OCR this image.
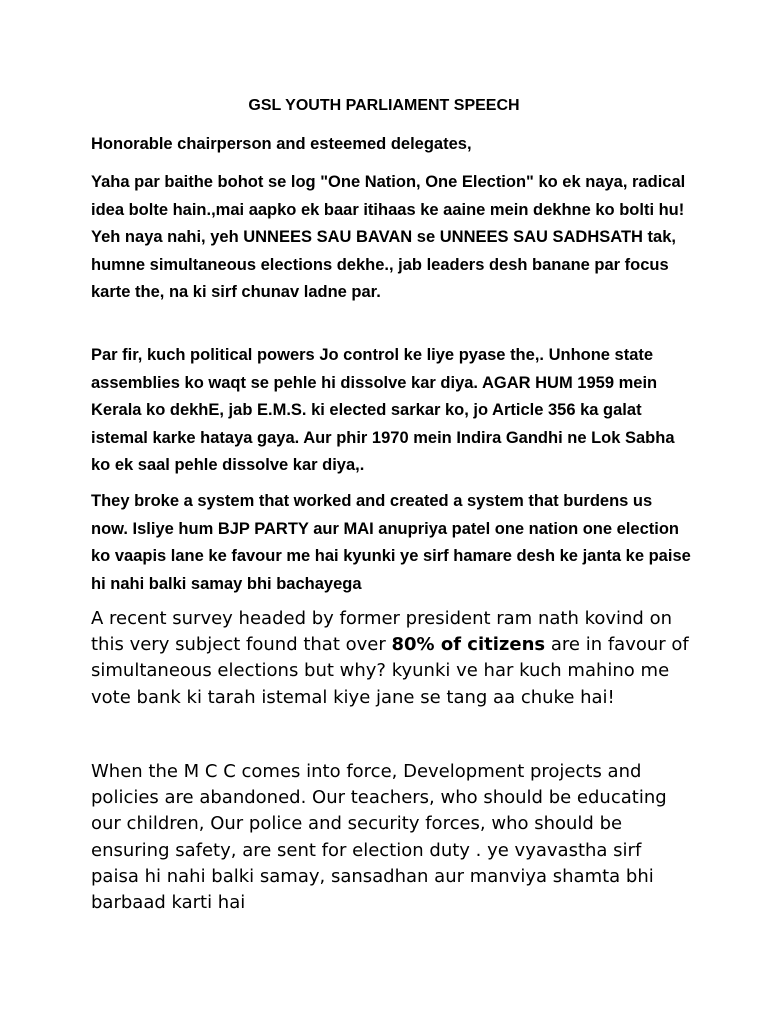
GSL YOUTH PARLIAMENT SPEECH

Honorable chairperson and esteemed delegates,

Yaha par baithe bohot se log "One Nation, One Election" ko ek naya, radical idea bolte hain.,mai aapko ek baar itihaas ke aaine mein dekhne ko bolti hu! Yeh naya nahi, yeh UNNEES SAU BAVAN se UNNEES SAU SADHSATH tak, humne simultaneous elections dekhe., jab leaders desh banane par focus karte the, na ki sirf chunav ladne par.

Par fir, kuch political powers Jo control ke liye pyase the,. Unhone state assemblies ko waqt se pehle hi dissolve kar diya. AGAR HUM 1959 mein Kerala ko dekhE, jab E.M.S. ki elected sarkar ko, jo Article 356 ka galat istemal karke hataya gaya. Aur phir 1970 mein Indira Gandhi ne Lok Sabha ko ek saal pehle dissolve kar diya,.

They broke a system that worked and created a system that burdens us now. Isliye hum BJP PARTY aur MAI anupriya patel one nation one election ko vaapis lane ke favour me hai kyunki ye sirf hamare desh ke janta ke paise hi nahi balki samay bhi bachayega

A recent survey headed by former president ram nath kovind on this very subject found that over 80% of citizens are in favour of simultaneous elections but why? kyunki ve har kuch mahino me vote bank ki tarah istemal kiye jane se tang aa chuke hai!

When the M C C comes into force, Development projects and policies are abandoned. Our teachers, who should be educating our children, Our police and security forces, who should be ensuring safety, are sent for election duty . ye vyavastha sirf paisa hi nahi balki samay, sansadhan aur manviya shamta bhi barbaad karti hai
